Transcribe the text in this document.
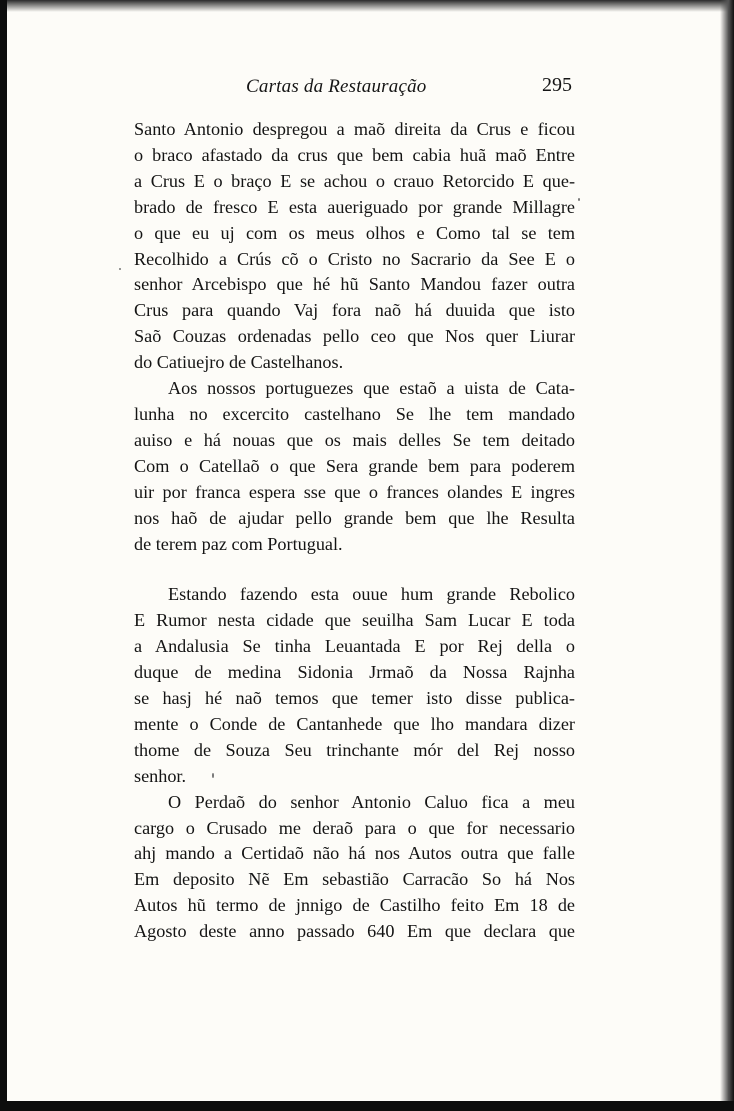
Cartas da Restauração	295

Santo Antonio despregou a maõ direita da Crus e ficou
o braco afastado da crus que bem cabia huã maõ Entre
a Crus E o braço E se achou o crauo Retorcido E que-
brado de fresco E esta aueriguado por grande Millagre
o que eu uj com os meus olhos e Como tal se tem
Recolhido a Crús cõ o Cristo no Sacrario da See E o
senhor Arcebispo que hé hũ Santo Mandou fazer outra
Crus para quando Vaj fora naõ há duuida que isto
Saõ Couzas ordenadas pello ceo que Nos quer Liurar
do Catiuejro de Castelhanos.

Aos nossos portuguezes que estaõ a uista de Cata-
lunha no excercito castelhano Se lhe tem mandado
auiso e há nouas que os mais delles Se tem deitado
Com o Catellaõ o que Sera grande bem para poderem
uir por franca espera sse que o frances olandes E ingres
nos haõ de ajudar pello grande bem que lhe Resulta
de terem paz com Portugual.

Estando fazendo esta ouue hum grande Rebolico
E Rumor nesta cidade que seuilha Sam Lucar E toda
a Andalusia Se tinha Leuantada E por Rej della o
duque de medina Sidonia Jrmaõ da Nossa Rajnha
se hasj hé naõ temos que temer isto disse publica-
mente o Conde de Cantanhede que lho mandara dizer
thome de Souza Seu trinchante mór del Rej nosso
senhor.

O Perdaõ do senhor Antonio Caluo fica a meu
cargo o Crusado me deraõ para o que for necessario
ahj mando a Certidaõ não há nos Autos outra que falle
Em deposito Nẽ Em sebastião Carracão So há Nos
Autos hũ termo de jnnigo de Castilho feito Em 18 de
Agosto deste anno passado 640 Em que declara que
